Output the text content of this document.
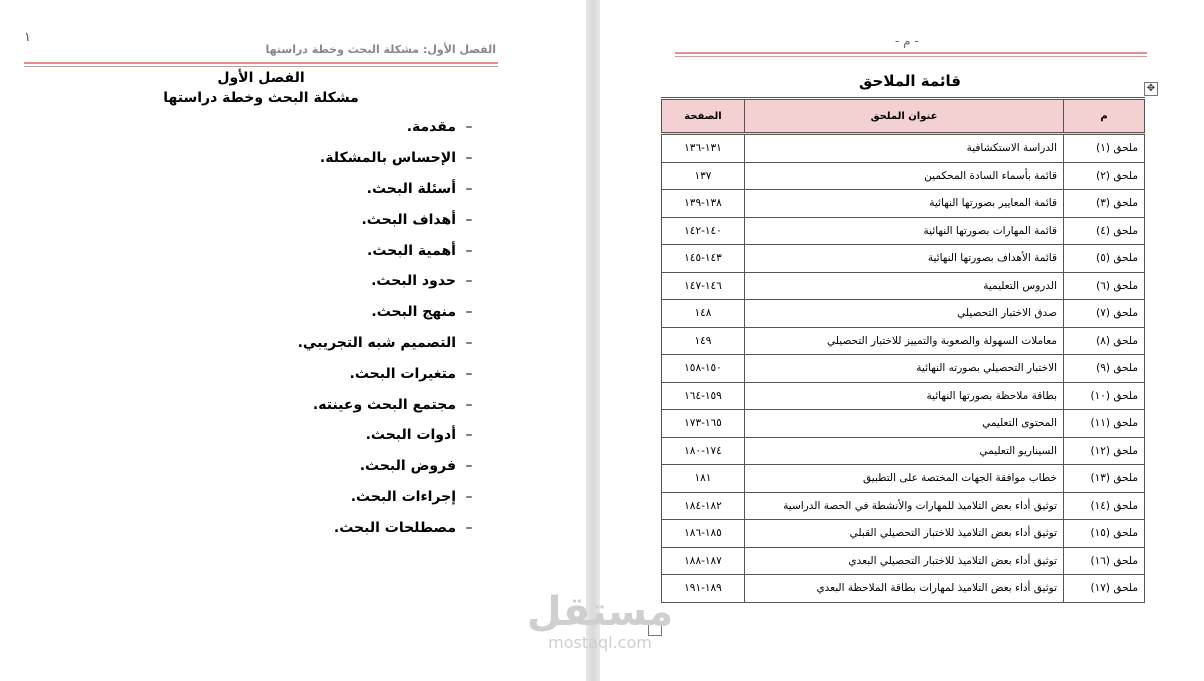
١
الفصل الأول: مشكلة البحث وخطة دراستها
الفصل الأول
مشكلة البحث وخطة دراستها
–
مقدمة.
–
الإحساس بالمشكلة.
–
أسئلة البحث.
–
أهداف البحث.
–
أهمية البحث.
–
حدود البحث.
–
منهج البحث.
–
التصميم شبه التجريبي.
–
متغيرات البحث.
–
مجتمع البحث وعينته.
–
أدوات البحث.
–
فروض البحث.
–
إجراءات البحث.
–
مصطلحات البحث.
- م -
قائمة الملاحق	✥
م	عنوان الملحق	الصفحة
ملحق (١)	الدراسة الاستكشافية	١٣١-١٣٦
ملحق (٢)	قائمة بأسماء السادة المحكمين	١٣٧
ملحق (٣)	قائمة المعايير بصورتها النهائية	١٣٨-١٣٩
ملحق (٤)	قائمة المهارات بصورتها النهائية	١٤٠-١٤٢
ملحق (٥)	قائمة الأهداف بصورتها النهائية	١٤٣-١٤٥
ملحق (٦)	الدروس التعليمية	١٤٦-١٤٧
ملحق (٧)	صدق الاختبار التحصيلي	١٤٨
ملحق (٨)	معاملات السهولة والصعوبة والتمييز للاختبار التحصيلي	١٤٩
ملحق (٩)	الاختبار التحصيلي بصورته النهائية	١٥٠-١٥٨
ملحق (١٠)	بطاقة ملاحظة بصورتها النهائية	١٥٩-١٦٤
ملحق (١١)	المحتوى التعليمي	١٦٥-١٧٣
ملحق (١٢)	السيناريو التعليمي	١٧٤-١٨٠
ملحق (١٣)	خطاب موافقة الجهات المختصة على التطبيق	١٨١
ملحق (١٤)	توثيق أداء بعض التلاميذ للمهارات والأنشطة في الحصة الدراسية	١٨٢-١٨٤
ملحق (١٥)	توثيق أداء بعض التلاميذ للاختبار التحصيلي القبلي	١٨٥-١٨٦
ملحق (١٦)	توثيق أداء بعض التلاميذ للاختبار التحصيلي البعدي	١٨٧-١٨٨
ملحق (١٧)	توثيق أداء بعض التلاميذ لمهارات بطاقة الملاحظة البعدي	١٨٩-١٩١
مستقل
mostaql.com
